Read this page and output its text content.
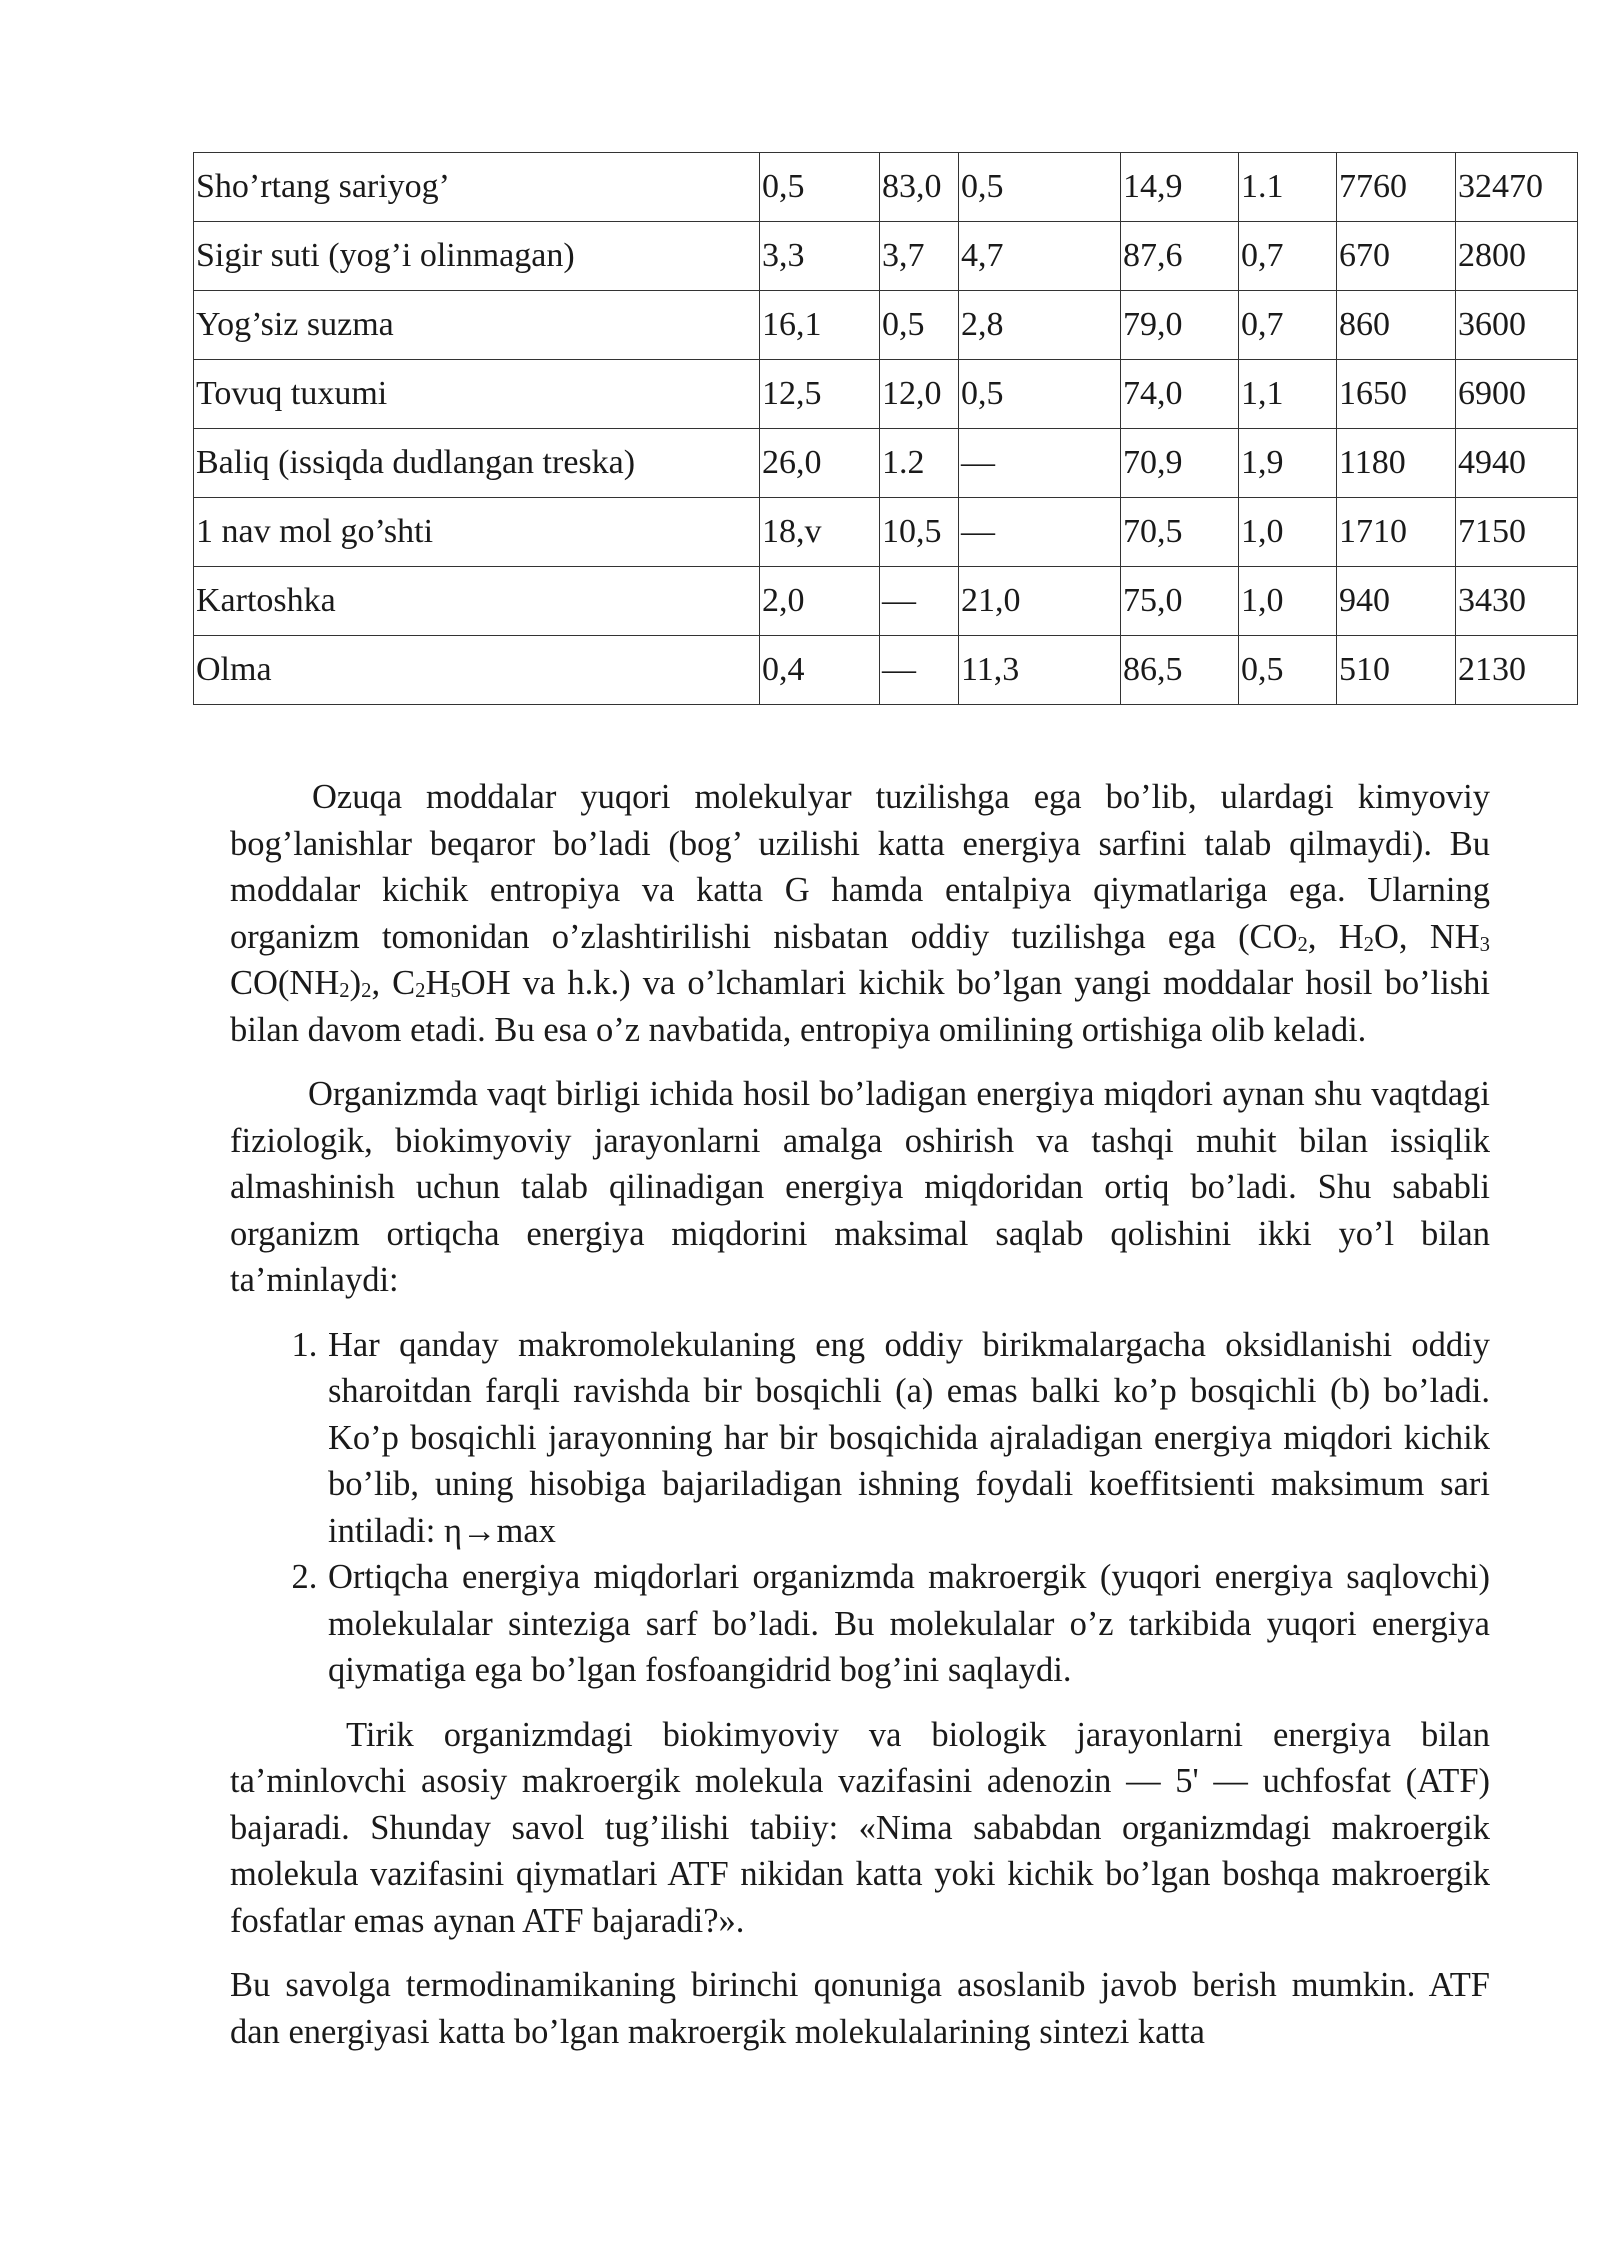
Sho’rtang sariyog’	0,5	83,0	0,5	14,9	1.1	7760	32470
Sigir suti (yog’i olinmagan)	3,3	3,7	4,7	87,6	0,7	670	2800
Yog’siz suzma	16,1	0,5	2,8	79,0	0,7	860	3600
Tovuq tuxumi	12,5	12,0	0,5	74,0	1,1	1650	6900
Baliq (issiqda dudlangan treska)	26,0	1.2	—	70,9	1,9	1180	4940
1 nav mol go’shti	18,v	10,5	—	70,5	1,0	1710	7150
Kartoshka	2,0	—	21,0	75,0	1,0	940	3430
Olma	0,4	—	11,3	86,5	0,5	510	2130

Ozuqa moddalar yuqori molekulyar tuzilishga ega bo’lib, ulardagi kimyoviy bog’lanishlar beqaror bo’ladi (bog’ uzilishi katta energiya sarfini talab qilmaydi). Bu moddalar kichik entropiya va katta G hamda entalpiya qiymatlariga ega. Ularning organizm tomonidan o’zlashtirilishi nisbatan oddiy tuzilishga ega ($CO_2$, $H_2O$, $NH_3$ $CO(NH_2)_2$, $C_2H_5OH$ va h.k.) va o’lchamlari kichik bo’lgan yangi moddalar hosil bo’lishi bilan davom etadi. Bu esa o’z navbatida, entropiya omilining ortishiga olib keladi.

Organizmda vaqt birligi ichida hosil bo’ladigan energiya miqdori aynan shu vaqtdagi fiziologik, biokimyoviy jarayonlarni amalga oshirish va tashqi muhit bilan issiqlik almashinish uchun talab qilinadigan energiya miqdoridan ortiq bo’ladi. Shu sababli organizm ortiqcha energiya miqdorini maksimal saqlab qolishini ikki yo’l bilan ta’minlaydi:

1. Har qanday makromolekulaning eng oddiy birikmalargacha oksidlanishi oddiy sharoitdan farqli ravishda bir bosqichli (a) emas balki ko’p bosqichli (b) bo’ladi. Ko’p bosqichli jarayonning har bir bosqichida ajraladigan energiya miqdori kichik bo’lib, uning hisobiga bajariladigan ishning foydali koeffitsienti maksimum sari intiladi: η→max
2. Ortiqcha energiya miqdorlari organizmda makroergik (yuqori energiya saqlovchi) molekulalar sinteziga sarf bo’ladi. Bu molekulalar o’z tarkibida yuqori energiya qiymatiga ega bo’lgan fosfoangidrid bog’ini saqlaydi.

Tirik organizmdagi biokimyoviy va biologik jarayonlarni energiya bilan ta’minlovchi asosiy makroergik molekula vazifasini adenozin — 5' — uchfosfat (ATF) bajaradi. Shunday savol tug’ilishi tabiiy: «Nima sababdan organizmdagi makroergik molekula vazifasini qiymatlari ATF nikidan katta yoki kichik bo’lgan boshqa makroergik fosfatlar emas aynan ATF bajaradi?».

Bu savolga termodinamikaning birinchi qonuniga asoslanib javob berish mumkin. ATF dan energiyasi katta bo’lgan makroergik molekulalarining sintezi katta
